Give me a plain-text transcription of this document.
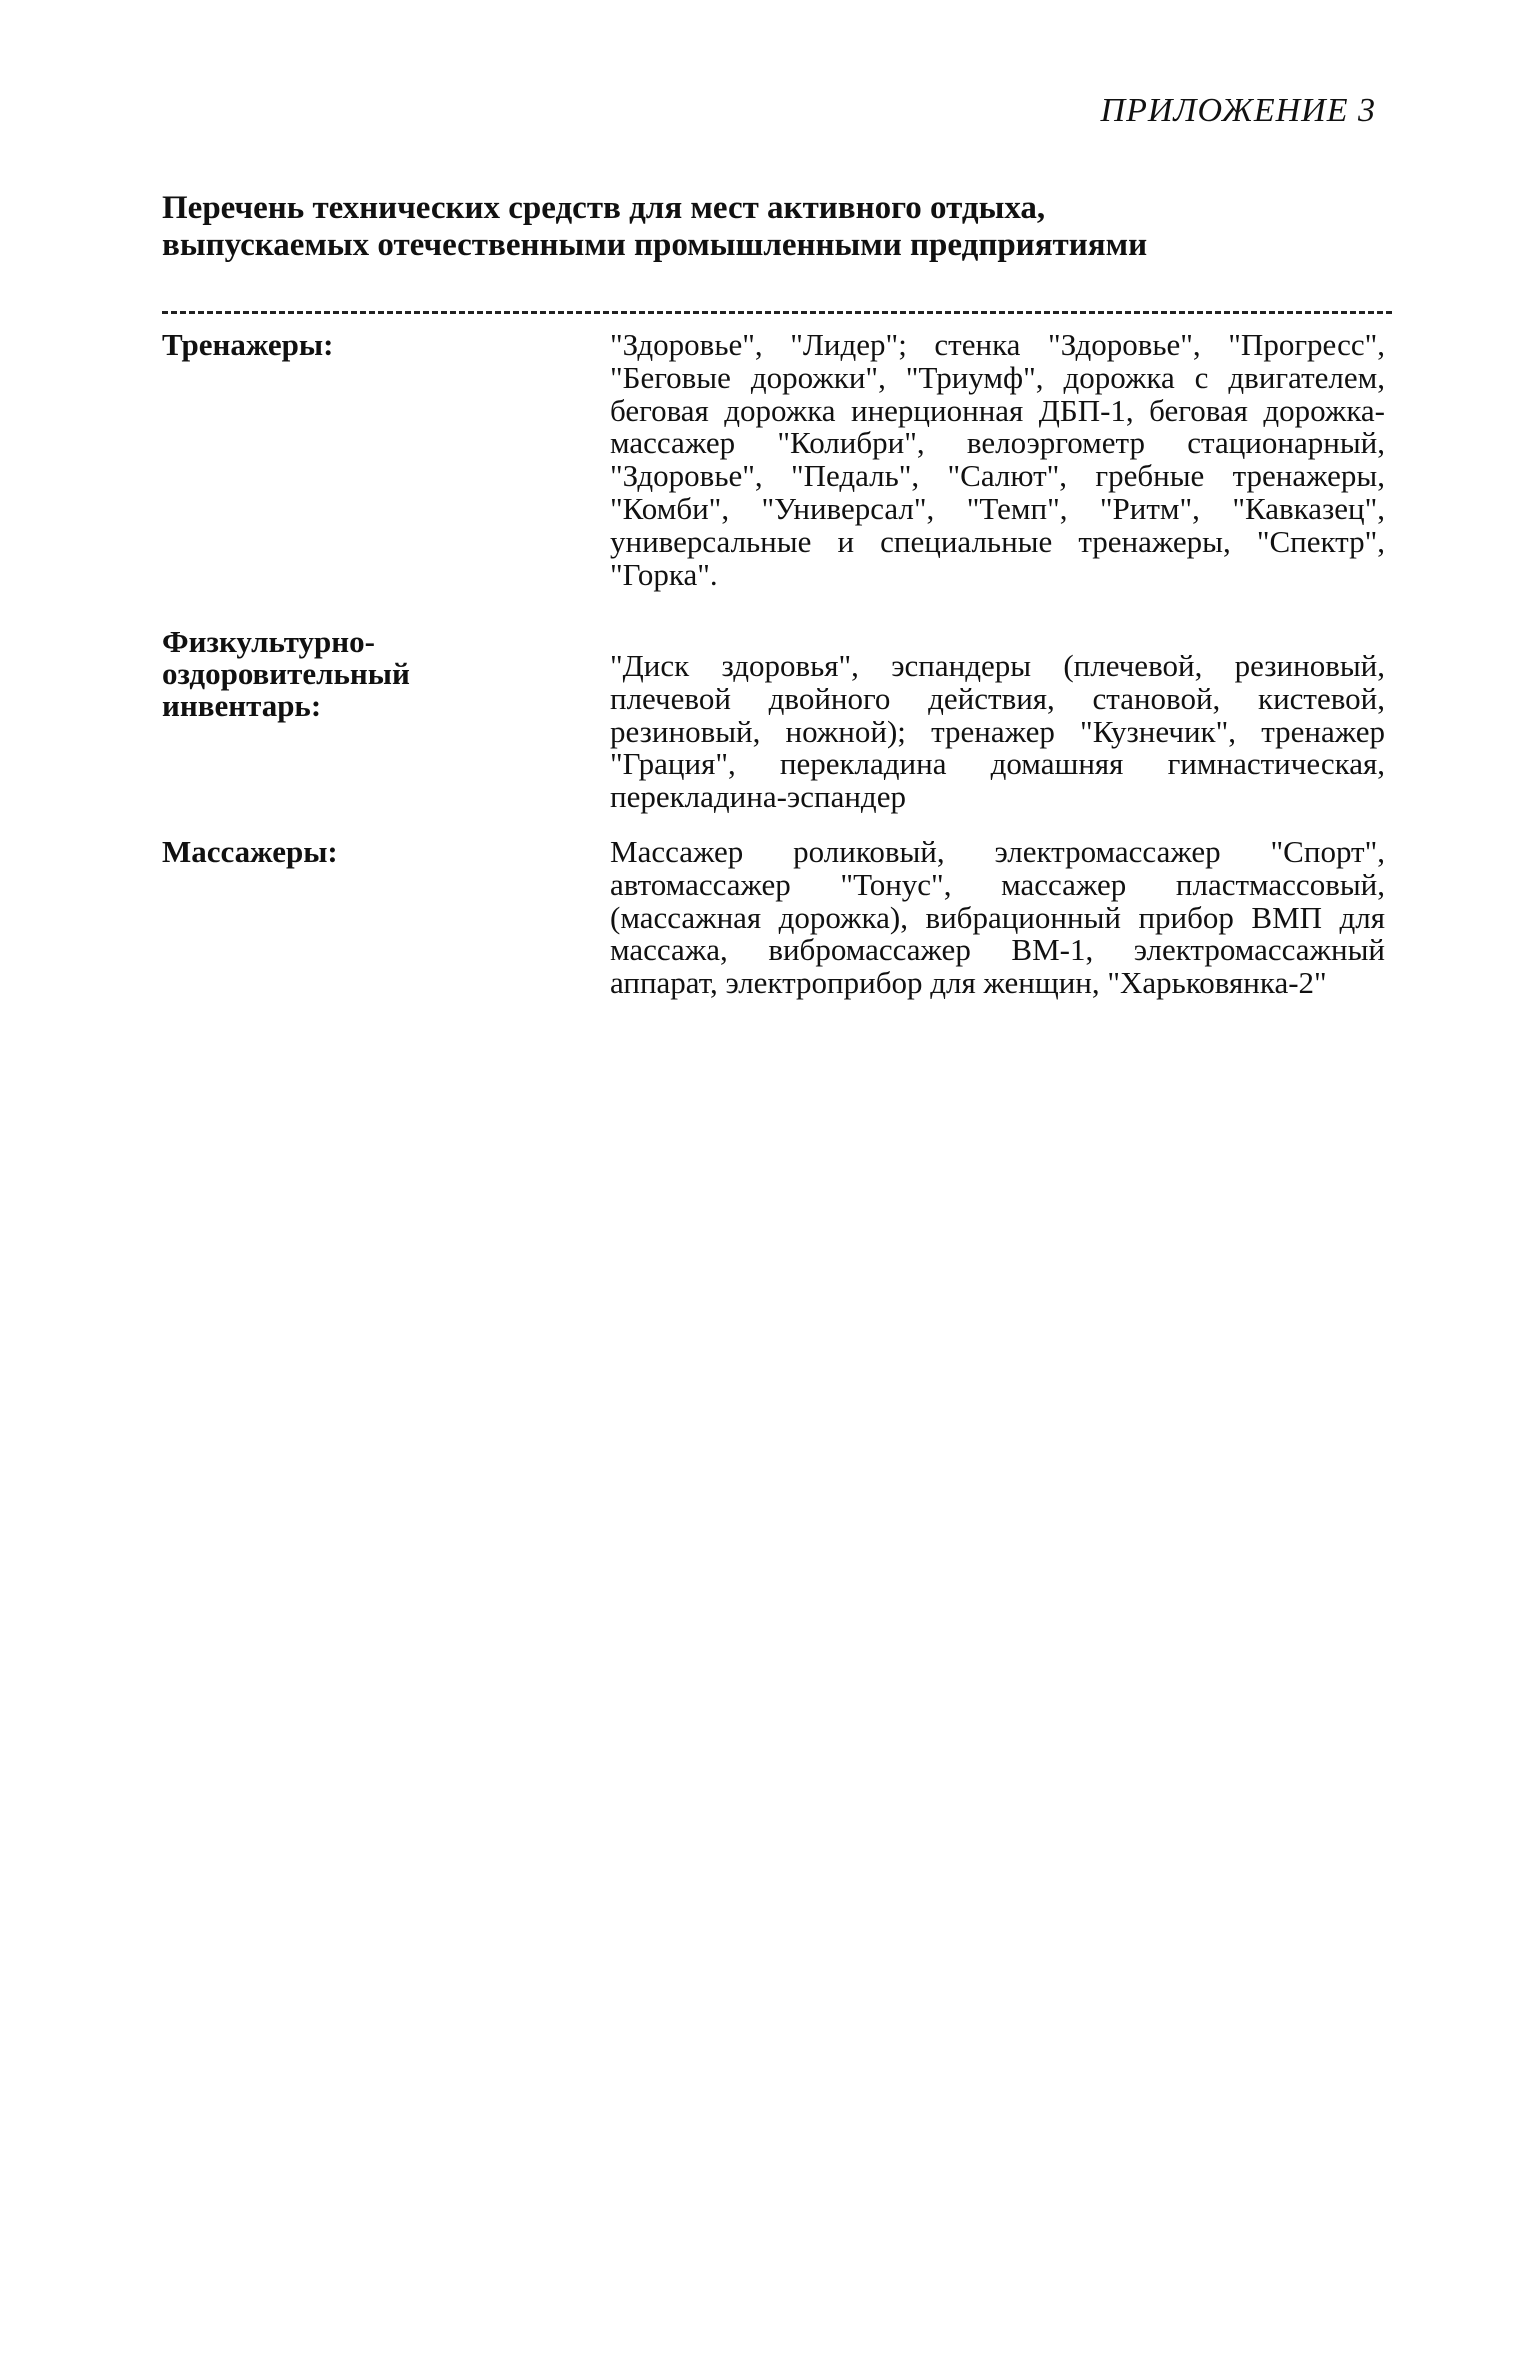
ПРИЛОЖЕНИЕ 3
Перечень технических средств для мест активного отдыха,
выпускаемых отечественными промышленными предприятиями
Тренажеры:	"Здоровье", "Лидер"; стенка "Здоровье", "Прогресс", "Беговые дорожки", "Триумф", дорожка с двигателем, беговая дорожка инерционная ДБП-1, беговая дорожка-массажер "Колибри", велоэргометр стационарный, "Здоровье", "Педаль", "Салют", гребные тренажеры, "Комби", "Универсал", "Темп", "Ритм", "Кавказец", универсальные и специальные тренажеры, "Спектр", "Горка".
Физкультурно-оздоровительный инвентарь:
"Диск здоровья", эспандеры (плечевой, резиновый, плечевой двойного действия, становой, кистевой, резиновый, ножной); тренажер "Кузнечик", тренажер "Грация", перекладина домашняя гимнастическая, перекладина-эспандер
Массажеры:	Массажер роликовый, электромассажер "Спорт", автомассажер "Тонус", массажер пластмассовый, (массажная дорожка), вибрационный прибор ВМП для массажа, вибромассажер ВМ-1, электромассажный аппарат, электроприбор для женщин, "Харьковянка-2"
